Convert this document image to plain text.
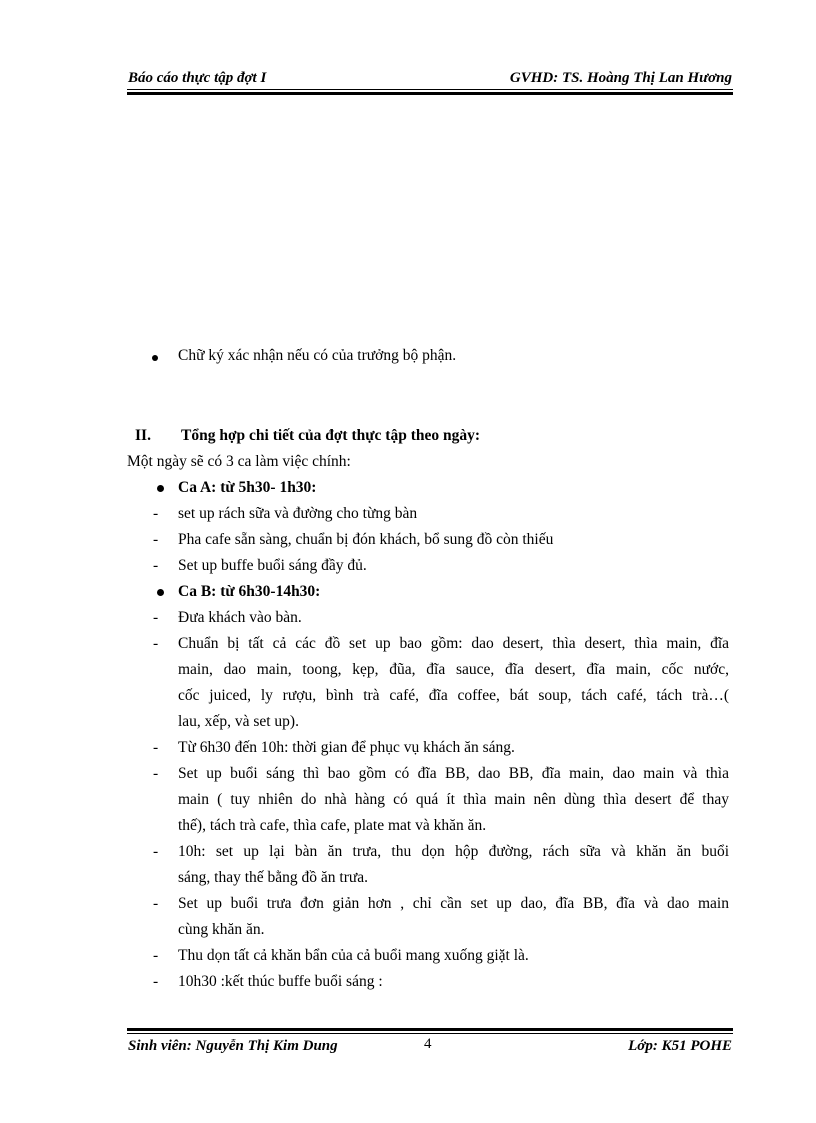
Báo cáo thực tập đợt I	GVHD: TS. Hoàng Thị Lan Hương
Chữ ký xác nhận nếu có của trưởng bộ phận.
II. Tổng hợp chi tiết của đợt thực tập theo ngày:
Một ngày sẽ có 3 ca làm việc chính:
Ca A: từ 5h30- 1h30:
- set up rách sữa và đường cho từng bàn
- Pha cafe sẵn sàng, chuẩn bị đón khách, bổ sung đồ còn thiếu
- Set up buffe buổi sáng đầy đủ.
Ca B: từ 6h30-14h30:
- Đưa khách vào bàn.
- Chuẩn bị tất cả các đồ set up bao gồm: dao desert, thìa desert, thìa main, đĩa
main, dao main, toong, kẹp, đũa, đĩa sauce, đĩa desert, đĩa main, cốc nước,
cốc juiced, ly rượu, bình trà café, đĩa coffee, bát soup, tách café, tách trà…(
lau, xếp, và set up).
- Từ 6h30 đến 10h: thời gian để phục vụ khách ăn sáng.
- Set up buổi sáng thì bao gồm có đĩa BB, dao BB, đĩa main, dao main và thìa
main ( tuy nhiên do nhà hàng có quá ít thìa main nên dùng thìa desert để thay
thế), tách trà cafe, thìa cafe, plate mat và khăn ăn.
- 10h: set up lại bàn ăn trưa, thu dọn hộp đường, rách sữa và khăn ăn buổi
sáng, thay thế bằng đồ ăn trưa.
- Set up buổi trưa đơn giản hơn , chỉ cần set up dao, đĩa BB, đĩa và dao main
cùng khăn ăn.
- Thu dọn tất cả khăn bẩn của cả buổi mang xuống giặt là.
- 10h30 :kết thúc buffe buổi sáng :
Sinh viên: Nguyễn Thị Kim Dung	4	Lớp: K51 POHE
